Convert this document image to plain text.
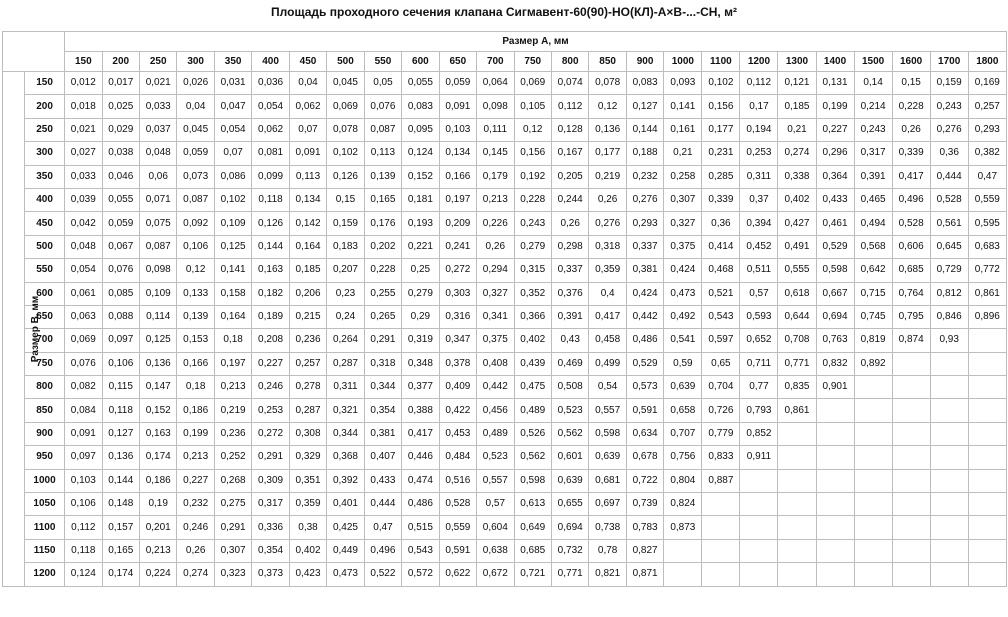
Площадь проходного сечения клапана Сигмавент-60(90)-НО(КЛ)-А×В-...-СН, м²
		Размер А, мм																								
		150	200	250	300	350	400	450	500	550	600	650	700	750	800	850	900	1000	1100	1200	1300	1400	1500	1600	1700	1800
Размер В, мм	150	0,012	0,017	0,021	0,026	0,031	0,036	0,04	0,045	0,05	0,055	0,059	0,064	0,069	0,074	0,078	0,083	0,093	0,102	0,112	0,121	0,131	0,14	0,15	0,159	0,169
	200	0,018	0,025	0,033	0,04	0,047	0,054	0,062	0,069	0,076	0,083	0,091	0,098	0,105	0,112	0,12	0,127	0,141	0,156	0,17	0,185	0,199	0,214	0,228	0,243	0,257
	250	0,021	0,029	0,037	0,045	0,054	0,062	0,07	0,078	0,087	0,095	0,103	0,111	0,12	0,128	0,136	0,144	0,161	0,177	0,194	0,21	0,227	0,243	0,26	0,276	0,293
	300	0,027	0,038	0,048	0,059	0,07	0,081	0,091	0,102	0,113	0,124	0,134	0,145	0,156	0,167	0,177	0,188	0,21	0,231	0,253	0,274	0,296	0,317	0,339	0,36	0,382
	350	0,033	0,046	0,06	0,073	0,086	0,099	0,113	0,126	0,139	0,152	0,166	0,179	0,192	0,205	0,219	0,232	0,258	0,285	0,311	0,338	0,364	0,391	0,417	0,444	0,47
	400	0,039	0,055	0,071	0,087	0,102	0,118	0,134	0,15	0,165	0,181	0,197	0,213	0,228	0,244	0,26	0,276	0,307	0,339	0,37	0,402	0,433	0,465	0,496	0,528	0,559
	450	0,042	0,059	0,075	0,092	0,109	0,126	0,142	0,159	0,176	0,193	0,209	0,226	0,243	0,26	0,276	0,293	0,327	0,36	0,394	0,427	0,461	0,494	0,528	0,561	0,595
	500	0,048	0,067	0,087	0,106	0,125	0,144	0,164	0,183	0,202	0,221	0,241	0,26	0,279	0,298	0,318	0,337	0,375	0,414	0,452	0,491	0,529	0,568	0,606	0,645	0,683
	550	0,054	0,076	0,098	0,12	0,141	0,163	0,185	0,207	0,228	0,25	0,272	0,294	0,315	0,337	0,359	0,381	0,424	0,468	0,511	0,555	0,598	0,642	0,685	0,729	0,772
	600	0,061	0,085	0,109	0,133	0,158	0,182	0,206	0,23	0,255	0,279	0,303	0,327	0,352	0,376	0,4	0,424	0,473	0,521	0,57	0,618	0,667	0,715	0,764	0,812	0,861
	650	0,063	0,088	0,114	0,139	0,164	0,189	0,215	0,24	0,265	0,29	0,316	0,341	0,366	0,391	0,417	0,442	0,492	0,543	0,593	0,644	0,694	0,745	0,795	0,846	0,896
	700	0,069	0,097	0,125	0,153	0,18	0,208	0,236	0,264	0,291	0,319	0,347	0,375	0,402	0,43	0,458	0,486	0,541	0,597	0,652	0,708	0,763	0,819	0,874	0,93	
	750	0,076	0,106	0,136	0,166	0,197	0,227	0,257	0,287	0,318	0,348	0,378	0,408	0,439	0,469	0,499	0,529	0,59	0,65	0,711	0,771	0,832	0,892			
	800	0,082	0,115	0,147	0,18	0,213	0,246	0,278	0,311	0,344	0,377	0,409	0,442	0,475	0,508	0,54	0,573	0,639	0,704	0,77	0,835	0,901				
	850	0,084	0,118	0,152	0,186	0,219	0,253	0,287	0,321	0,354	0,388	0,422	0,456	0,489	0,523	0,557	0,591	0,658	0,726	0,793	0,861					
	900	0,091	0,127	0,163	0,199	0,236	0,272	0,308	0,344	0,381	0,417	0,453	0,489	0,526	0,562	0,598	0,634	0,707	0,779	0,852						
	950	0,097	0,136	0,174	0,213	0,252	0,291	0,329	0,368	0,407	0,446	0,484	0,523	0,562	0,601	0,639	0,678	0,756	0,833	0,911						
	1000	0,103	0,144	0,186	0,227	0,268	0,309	0,351	0,392	0,433	0,474	0,516	0,557	0,598	0,639	0,681	0,722	0,804	0,887							
	1050	0,106	0,148	0,19	0,232	0,275	0,317	0,359	0,401	0,444	0,486	0,528	0,57	0,613	0,655	0,697	0,739	0,824								
	1100	0,112	0,157	0,201	0,246	0,291	0,336	0,38	0,425	0,47	0,515	0,559	0,604	0,649	0,694	0,738	0,783	0,873								
	1150	0,118	0,165	0,213	0,26	0,307	0,354	0,402	0,449	0,496	0,543	0,591	0,638	0,685	0,732	0,78	0,827									
	1200	0,124	0,174	0,224	0,274	0,323	0,373	0,423	0,473	0,522	0,572	0,622	0,672	0,721	0,771	0,821	0,871									
